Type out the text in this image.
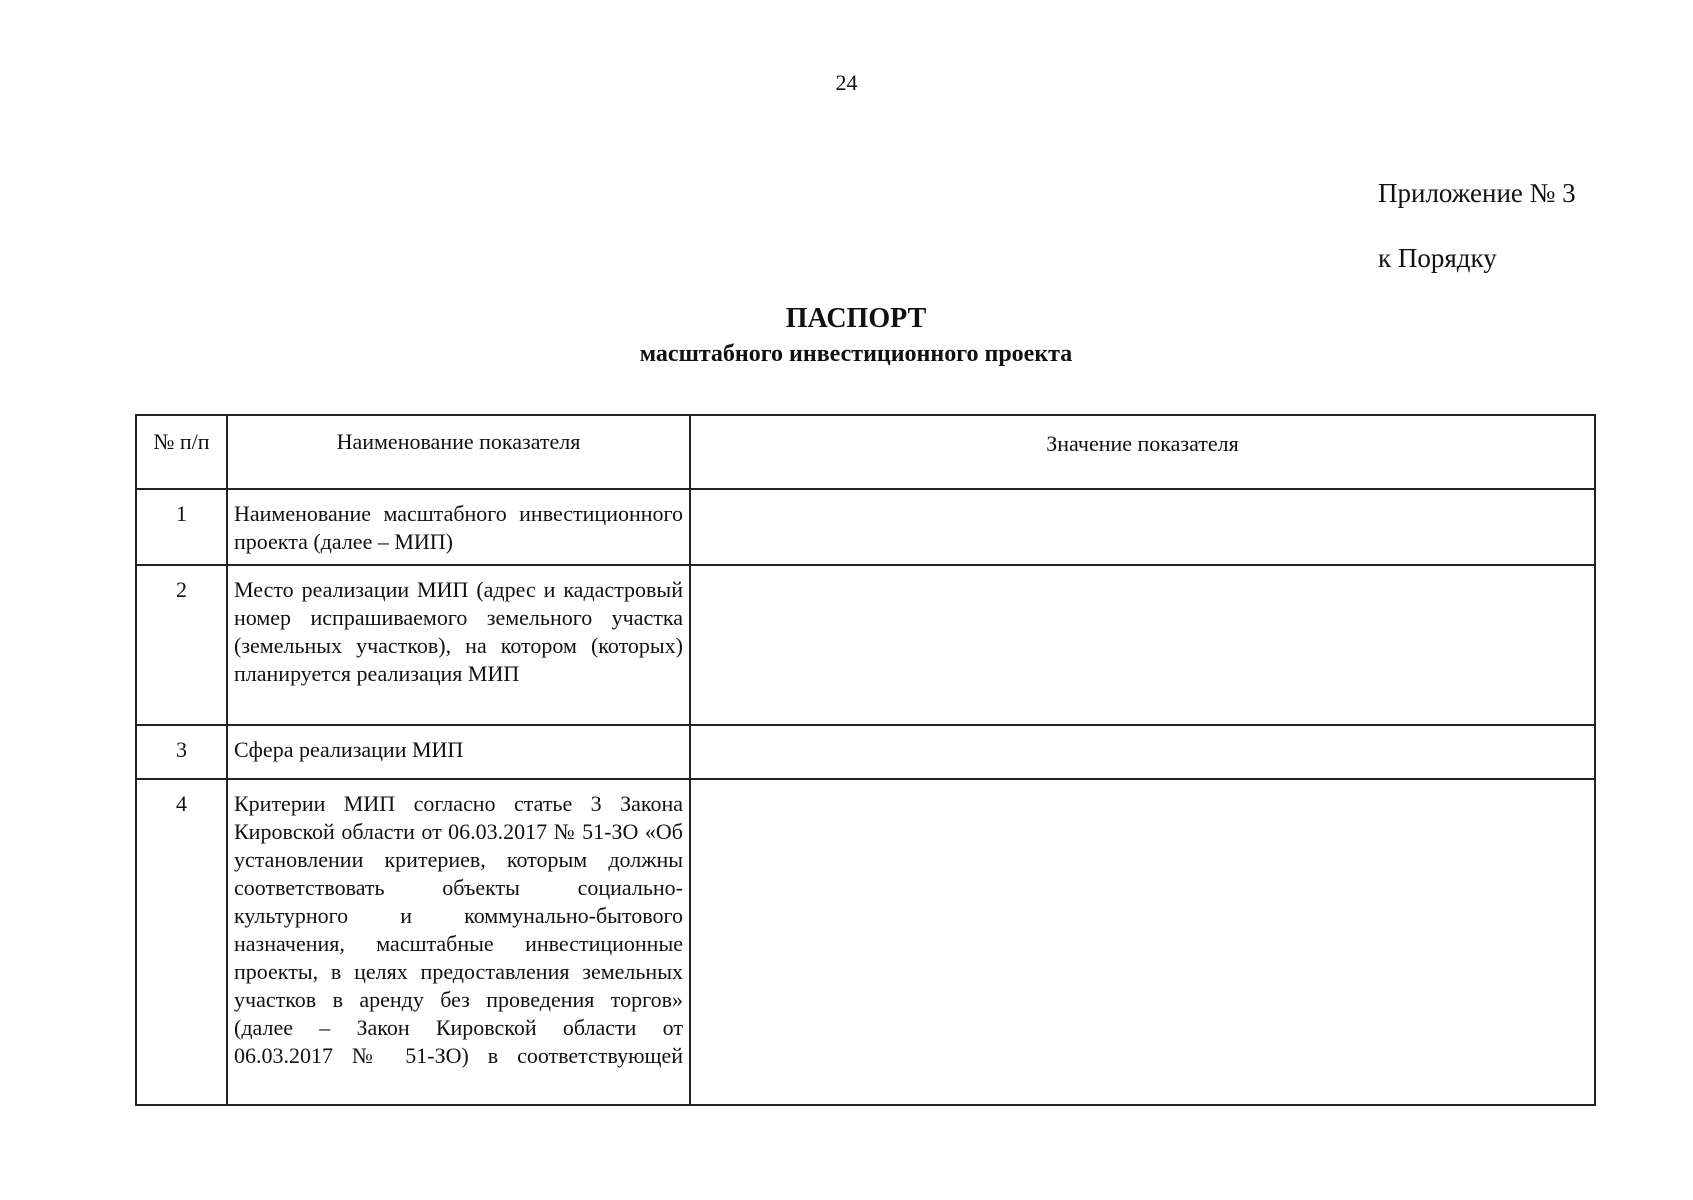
24
Приложение № 3
к Порядку
ПАСПОРТ
масштабного инвестиционного проекта
№ п/п	Наименование показателя	Значение показателя
1	Наименование масштабного инвестиционного проекта (далее – МИП)	
2	Место реализации МИП (адрес и кадастровый номер испрашиваемого земельного участка (земельных участков), на котором (которых) планируется реализация МИП	
3	Сфера реализации МИП	
4	Критерии МИП согласно статье 3 Закона Кировской области от 06.03.2017 № 51-ЗО «Об установлении критериев, которым должны соответствовать объекты социально-культурного и коммунально-бытового назначения, масштабные инвестиционные проекты, в целях предоставления земельных участков в аренду без проведения торгов» (далее – Закон Кировской области от 06.03.2017 № 51-ЗО) в соответствующей	
